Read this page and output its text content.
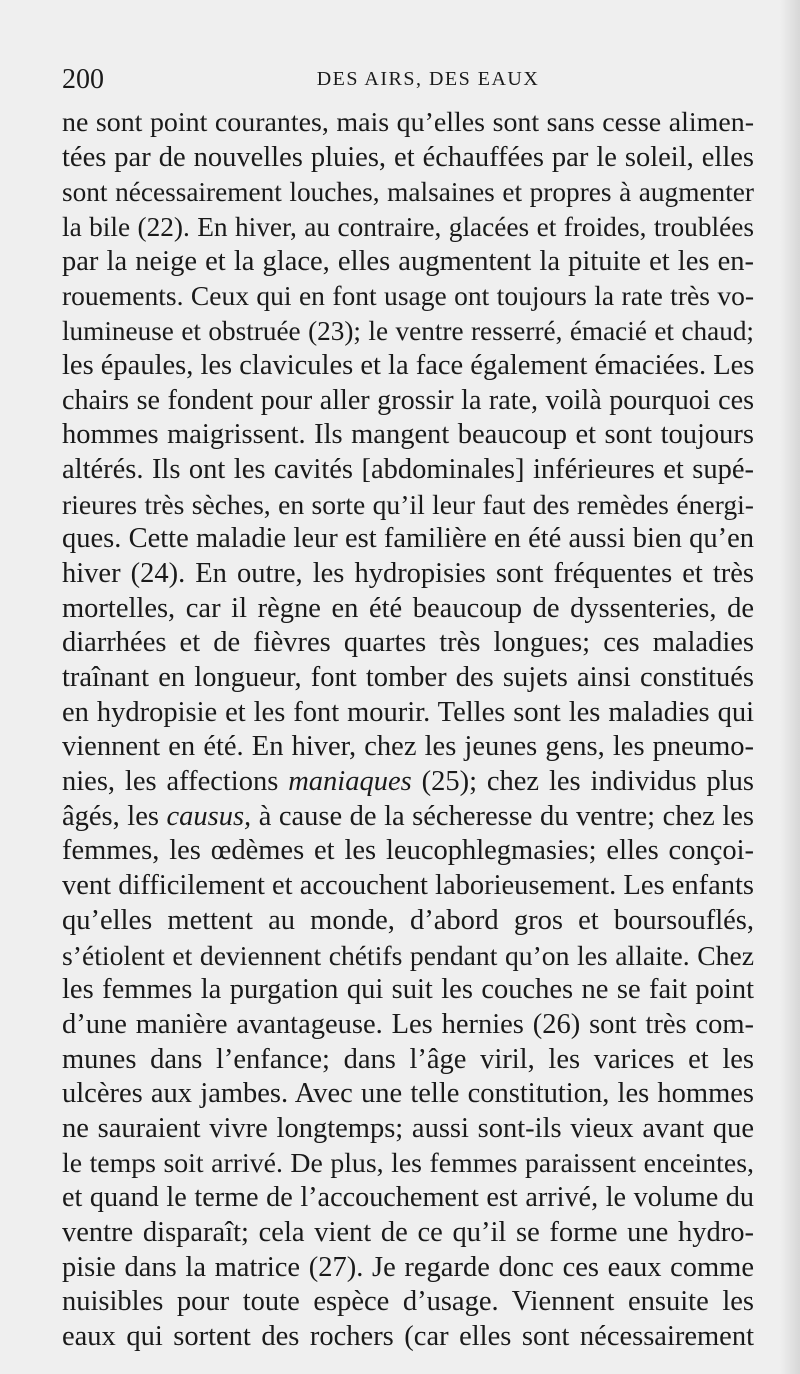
200	DES AIRS, DES EAUX
ne sont point courantes, mais qu’elles sont sans cesse alimen-
tées par de nouvelles pluies, et échauffées par le soleil, elles
sont nécessairement louches, malsaines et propres à augmenter
la bile (22). En hiver, au contraire, glacées et froides, troublées
par la neige et la glace, elles augmentent la pituite et les en-
rouements. Ceux qui en font usage ont toujours la rate très vo-
lumineuse et obstruée (23); le ventre resserré, émacié et chaud;
les épaules, les clavicules et la face également émaciées. Les
chairs se fondent pour aller grossir la rate, voilà pourquoi ces
hommes maigrissent. Ils mangent beaucoup et sont toujours
altérés. Ils ont les cavités [abdominales] inférieures et supé-
rieures très sèches, en sorte qu’il leur faut des remèdes énergi-
ques. Cette maladie leur est familière en été aussi bien qu’en
hiver (24). En outre, les hydropisies sont fréquentes et très
mortelles, car il règne en été beaucoup de dyssenteries, de
diarrhées et de fièvres quartes très longues; ces maladies
traînant en longueur, font tomber des sujets ainsi constitués
en hydropisie et les font mourir. Telles sont les maladies qui
viennent en été. En hiver, chez les jeunes gens, les pneumo-
nies, les affections maniaques (25); chez les individus plus
âgés, les causus, à cause de la sécheresse du ventre; chez les
femmes, les œdèmes et les leucophlegmasies; elles conçoi-
vent difficilement et accouchent laborieusement. Les enfants
qu’elles mettent au monde, d’abord gros et boursouflés,
s’étiolent et deviennent chétifs pendant qu’on les allaite. Chez
les femmes la purgation qui suit les couches ne se fait point
d’une manière avantageuse. Les hernies (26) sont très com-
munes dans l’enfance; dans l’âge viril, les varices et les
ulcères aux jambes. Avec une telle constitution, les hommes
ne sauraient vivre longtemps; aussi sont-ils vieux avant que
le temps soit arrivé. De plus, les femmes paraissent enceintes,
et quand le terme de l’accouchement est arrivé, le volume du
ventre disparaît; cela vient de ce qu’il se forme une hydro-
pisie dans la matrice (27). Je regarde donc ces eaux comme
nuisibles pour toute espèce d’usage. Viennent ensuite les
eaux qui sortent des rochers (car elles sont nécessairement
